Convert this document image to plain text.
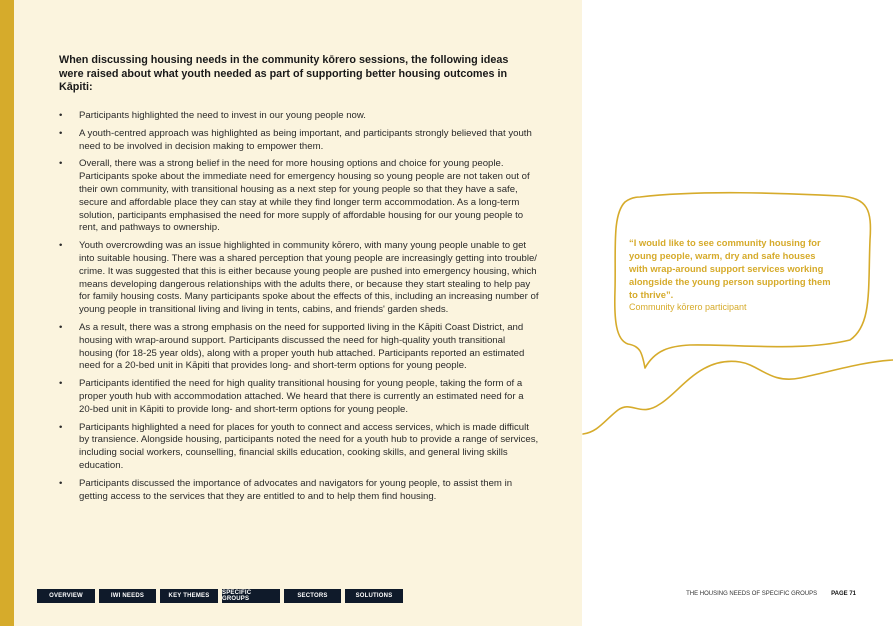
When discussing housing needs in the community kōrero sessions, the following ideas were raised about what youth needed as part of supporting better housing outcomes in Kāpiti:

• Participants highlighted the need to invest in our young people now.
• A youth-centred approach was highlighted as being important, and participants strongly believed that youth need to be involved in decision making to empower them.
• Overall, there was a strong belief in the need for more housing options and choice for young people. Participants spoke about the immediate need for emergency housing so young people are not taken out of their own community, with transitional housing as a next step for young people so that they have a safe, secure and affordable place they can stay at while they find longer term accommodation. As a long-term solution, participants emphasised the need for more supply of affordable housing for our young people to rent, and pathways to ownership.
• Youth overcrowding was an issue highlighted in community kōrero, with many young people unable to get into suitable housing. There was a shared perception that young people are increasingly getting into trouble/ crime. It was suggested that this is either because young people are pushed into emergency housing, which means developing dangerous relationships with the adults there, or because they start stealing to help pay for family housing costs. Many participants spoke about the effects of this, including an increasing number of young people in transitional living and living in tents, cabins, and friends' garden sheds.
• As a result, there was a strong emphasis on the need for supported living in the Kāpiti Coast District, and housing with wrap-around support. Participants discussed the need for high-quality youth transitional housing (for 18-25 year olds), along with a proper youth hub attached. Participants reported an estimated need for a 20-bed unit in Kāpiti that provides long- and short-term options for young people.
• Participants identified the need for high quality transitional housing for young people, taking the form of a proper youth hub with accommodation attached. We heard that there is currently an estimated need for a 20-bed unit in Kāpiti to provide long- and short-term options for young people.
• Participants highlighted a need for places for youth to connect and access services, which is made difficult by transience. Alongside housing, participants noted the need for a youth hub to provide a range of services, including social workers, counselling, financial skills education, cooking skills, and general living skills education.
• Participants discussed the importance of advocates and navigators for young people, to assist them in getting access to the services that they are entitled to and to help them find housing.

“I would like to see community housing for young people, warm, dry and safe houses with wrap-around support services working alongside the young person supporting them to thrive”.

Community kōrero participant

OVERVIEW	IWI NEEDS	KEY THEMES	SPECIFIC GROUPS	SECTORS	SOLUTIONS	THE HOUSING NEEDS OF SPECIFIC GROUPS PAGE 71
